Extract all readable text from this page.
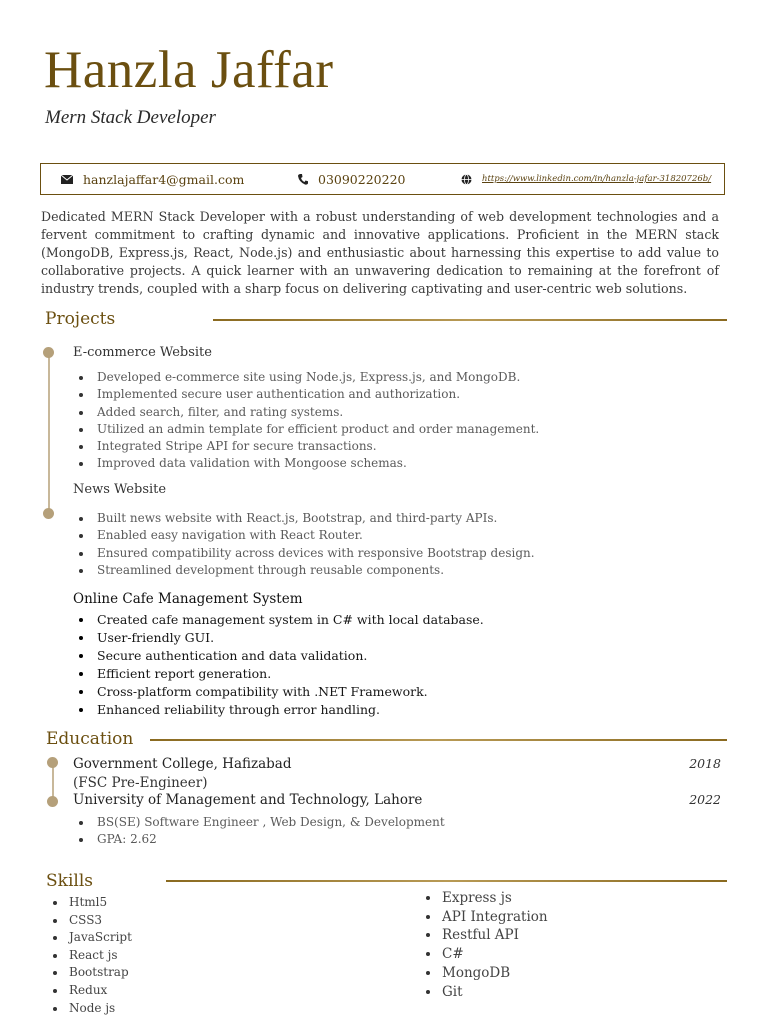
Hanzla Jaffar
Mern Stack Developer
hanzlajaffar4@gmail.com	03090220220	https://www.linkedin.com/in/hanzla-jafar-31820726b/
Dedicated MERN Stack Developer with a robust understanding of web development technologies and a fervent commitment to crafting dynamic and innovative applications. Proficient in the MERN stack (MongoDB, Express.js, React, Node.js) and enthusiastic about harnessing this expertise to add value to collaborative projects. A quick learner with an unwavering dedication to remaining at the forefront of industry trends, coupled with a sharp focus on delivering captivating and user-centric web solutions.
Projects
E-commerce Website
Developed e-commerce site using Node.js, Express.js, and MongoDB.
Implemented secure user authentication and authorization.
Added search, filter, and rating systems.
Utilized an admin template for efficient product and order management.
Integrated Stripe API for secure transactions.
Improved data validation with Mongoose schemas.
News Website
Built news website with React.js, Bootstrap, and third-party APIs.
Enabled easy navigation with React Router.
Ensured compatibility across devices with responsive Bootstrap design.
Streamlined development through reusable components.
Online Cafe Management System
Created cafe management system in C# with local database.
User-friendly GUI.
Secure authentication and data validation.
Efficient report generation.
Cross-platform compatibility with .NET Framework.
Enhanced reliability through error handling.
Education
Government College, Hafizabad	2018
(FSC Pre-Engineer)
University of Management and Technology, Lahore	2022
BS(SE) Software Engineer , Web Design, & Development
GPA: 2.62
Skills
Html5
CSS3
JavaScript
React js
Bootstrap
Redux
Node js
Express js
API Integration
Restful API
C#
MongoDB
Git
